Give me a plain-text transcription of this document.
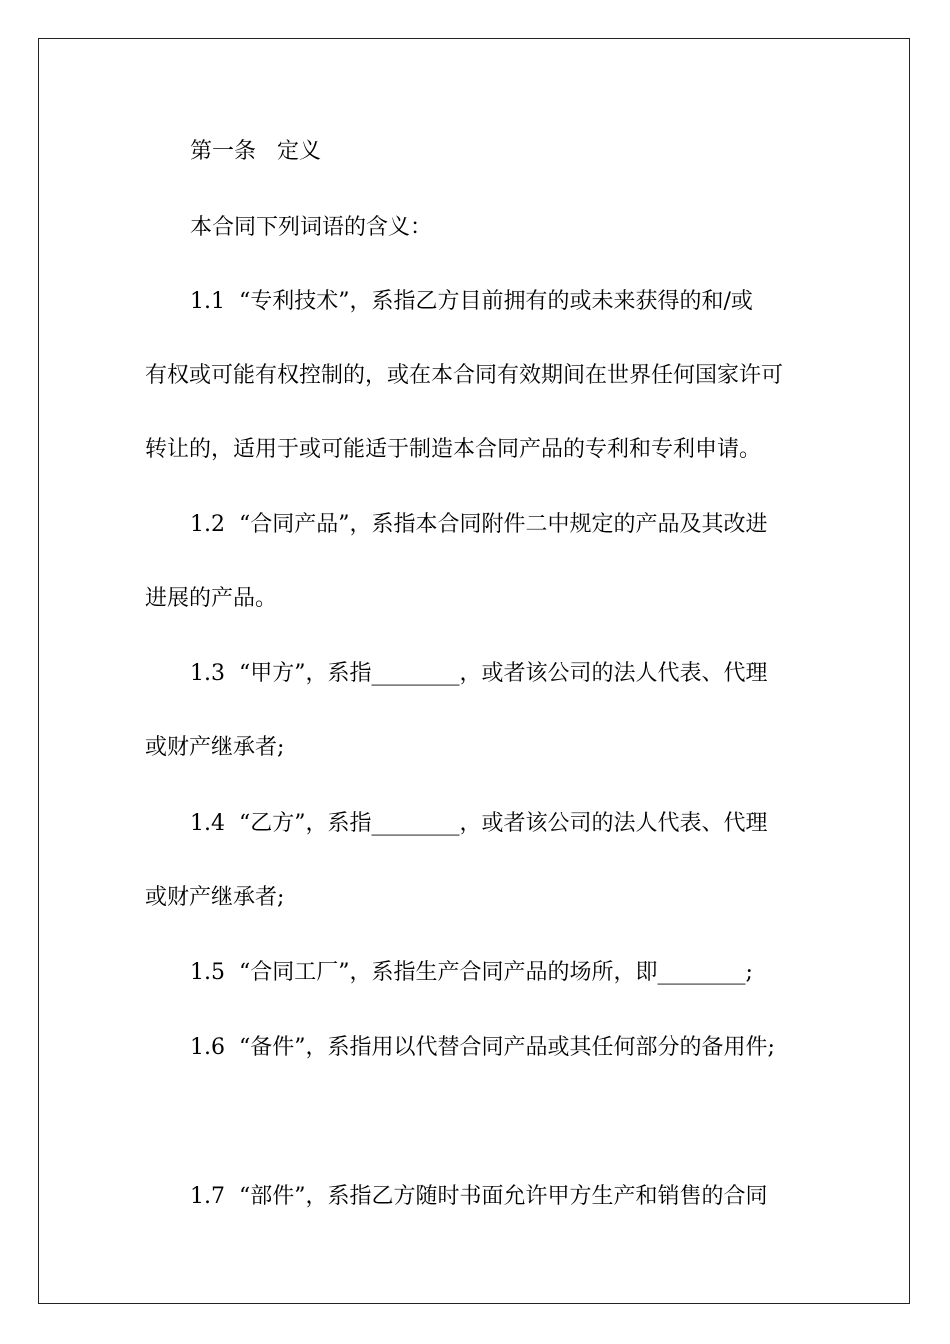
第一条   定义
本合同下列词语的含义：
1.1  “专利技术”，系指乙方目前拥有的或未来获得的和/或
有权或可能有权控制的，或在本合同有效期间在世界任何国家许可
转让的，适用于或可能适于制造本合同产品的专利和专利申请。
1.2  “合同产品”，系指本合同附件二中规定的产品及其改进
进展的产品。
1.3  “甲方”，系指________，或者该公司的法人代表、代理
或财产继承者;
1.4  “乙方”，系指________，或者该公司的法人代表、代理
或财产继承者;
1.5  “合同工厂”，系指生产合同产品的场所，即________;
1.6  “备件”，系指用以代替合同产品或其任何部分的备用件;
1.7  “部件”，系指乙方随时书面允许甲方生产和销售的合同
